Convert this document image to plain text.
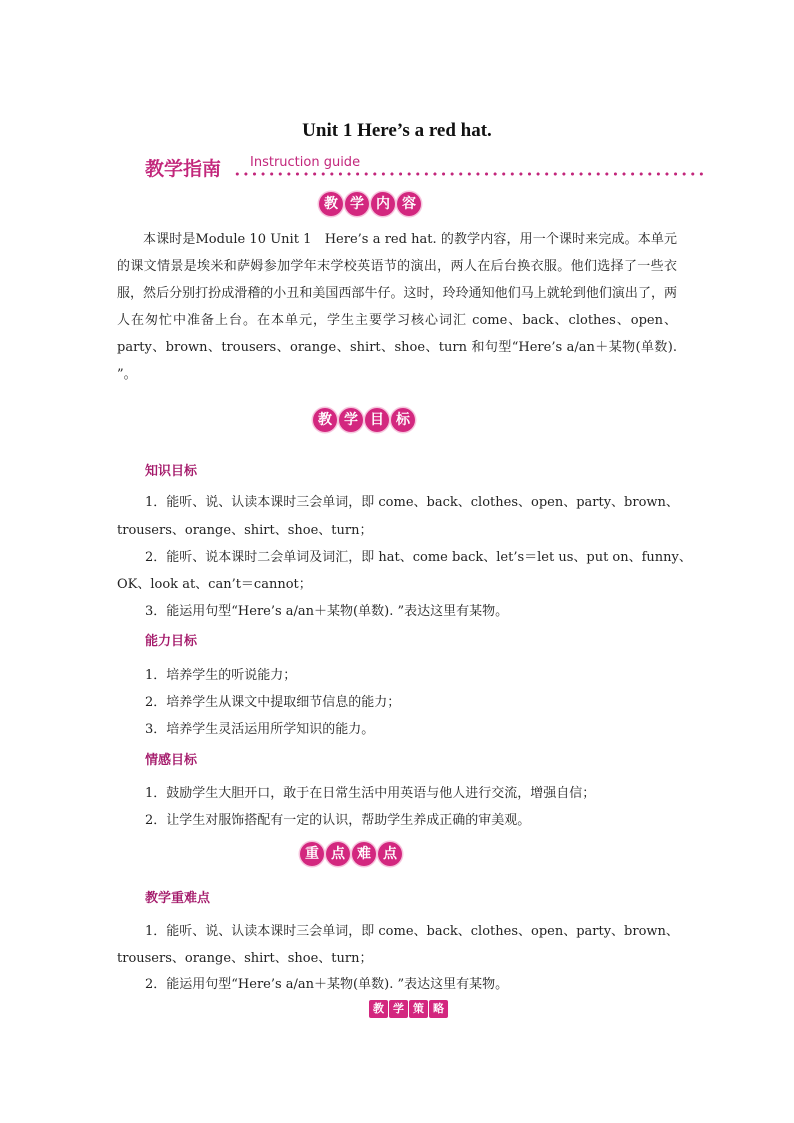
Unit 1 Here’s a red hat.
教学指南 Instruction guide
教 学 内 容
本课时是Module 10 Unit 1　Here’s a red hat. 的教学内容，用一个课时来完成。本单元的课文情景是埃米和萨姆参加学年末学校英语节的演出，两人在后台换衣服。他们选择了一些衣服，然后分别打扮成滑稽的小丑和美国西部牛仔。这时，玲玲通知他们马上就轮到他们演出了，两人在匆忙中准备上台。在本单元，学生主要学习核心词汇 come、back、clothes、open、party、brown、trousers、orange、shirt、shoe、turn 和句型“Here’s a/an＋某物(单数). ”。
教 学 目 标
知识目标
1．能听、说、认读本课时三会单词，即 come、back、clothes、open、party、brown、
trousers、orange、shirt、shoe、turn；
2．能听、说本课时二会单词及词汇，即 hat、come back、let’s＝let us、put on、funny、
OK、look at、can’t＝cannot；
3．能运用句型“Here’s a/an＋某物(单数). ”表达这里有某物。
能力目标
1．培养学生的听说能力；
2．培养学生从课文中提取细节信息的能力；
3．培养学生灵活运用所学知识的能力。
情感目标
1．鼓励学生大胆开口，敢于在日常生活中用英语与他人进行交流，增强自信；
2．让学生对服饰搭配有一定的认识，帮助学生养成正确的审美观。
重 点 难 点
教学重难点
1．能听、说、认读本课时三会单词，即 come、back、clothes、open、party、brown、
trousers、orange、shirt、shoe、turn；
2．能运用句型“Here’s a/an＋某物(单数). ”表达这里有某物。
教 学 策 略
